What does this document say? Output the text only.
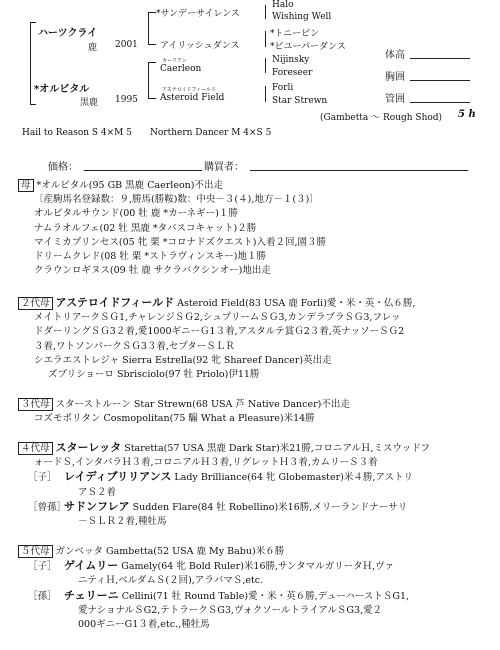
ハーツクライ
鹿 2001
*オルビタル
黒鹿 1995
*サンデーサイレンス
アイリッシュダンス
カーリアン
Caerleon
アステロイドフィールド
Asteroid Field
Halo
Wishing Well
*トニービン
*ビユーパーダンス
Nijinsky
Foreseer
Forli
Star Strewn
体高
胸囲
管囲
(Gambetta ～ Rough Shod) 5 h
Hail to Reason S 4×M 5 Northern Dancer M 4×S 5
価格：	購買者：
母 *オルビタル(95 GB 黒鹿 Caerleon)不出走
〔産駒馬名登録数：９,勝馬(勝鞍)数：中央－３(４),地方－１(３)〕
オルビタルサウンド(00 牡 鹿 *カーネギー)１勝
ナムラオルフェ(02 牡 黒鹿 *タバスコキャット)２勝
マイミカプリンセス(05 牝 栗 *コロナドズクエスト)入着２回,園３勝
ドリームクレド(08 牡 栗 *ストラヴィンスキー)地１勝
クラウンロギヌス(09 牡 鹿 サクラバクシンオー)地出走
２代母 アステロイドフィールド Asteroid Field(83 USA 鹿 Forli)愛・米・英・仏６勝,
メイトリアークＳＧ1,チャレンジＳＧ2,シュプリームＳＧ3,カンデラブラＳＧ3,フレッ
ドダーリングＳＧ3２着,愛1000ギニーＧ1３着,アスタルテ賞Ｇ2３着,英ナッソーＳＧ2
３着,ワトソンパークＳＧ3３着,セプターＳＬＲ
シエラエストレジャ Sierra Estrella(92 牝 Shareef Dancer)英出走
ズブリショーロ Sbrisciolo(97 牡 Priolo)伊11勝
３代母 スターストルーン Star Strewn(68 USA 芦 Native Dancer)不出走
コズモポリタン Cosmopolitan(75 騸 What a Pleasure)米14勝
４代母 スターレッタ Staretta(57 USA 黒鹿 Dark Star)米21勝,コロニアルＨ,ミスウッドフ
ォードＳ,インタバラＨ３着,コロニアルＨ３着,リグレットＨ３着,カムリーＳ３着
［子］ レイディブリリアンス Lady Brilliance(64 牝 Globemaster)米４勝,アストリ
アＳ２着
［曾孫］サドンフレア Sudden Flare(84 牡 Robellino)米16勝,メリーランドナーサリ
－ＳＬＲ２着,種牡馬
５代母 ガンベッタ Gambetta(52 USA 鹿 My Babu)米６勝
［子］ ゲイムリー Gamely(64 牝 Bold Ruler)米16勝,サンタマルガリータＨ,ヴァ
ニティＨ,ベルダムＳ(２回),アラバマＳ,etc.
［孫］ チェリーニ Cellini(71 牡 Round Table)愛・米・英６勝,デューハーストＳG1,
愛ナショナルＳG2,テトラークＳG3,ヴォクソールトライアルＳG3,愛２
000ギニーG1３着,etc.,種牡馬
